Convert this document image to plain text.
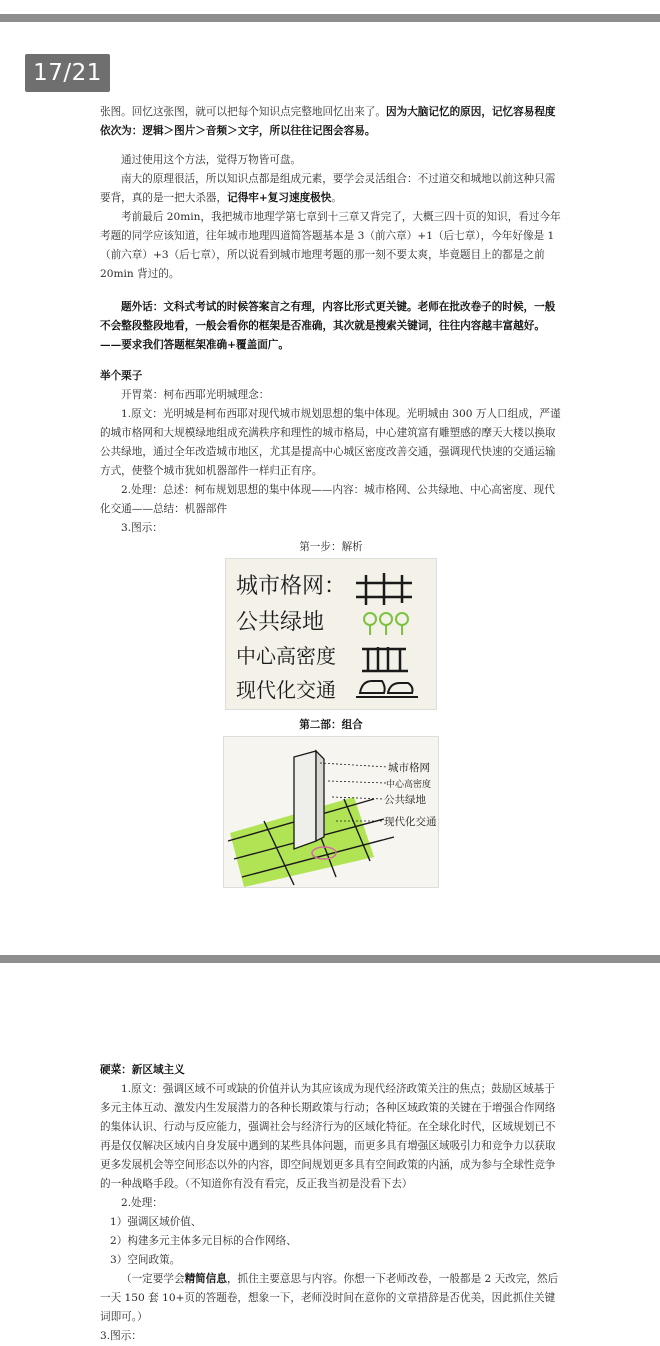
17/21

张图。回忆这张图，就可以把每个知识点完整地回忆出来了。因为大脑记忆的原因，记忆容易程度依次为：逻辑＞图片＞音频＞文字，所以往往记图会容易。

通过使用这个方法，觉得万物皆可盘。

南大的原理很活，所以知识点都是组成元素，要学会灵活组合：不过道交和城地以前这种只需要背，真的是一把大杀器，记得牢+复习速度极快。

考前最后 20min，我把城市地理学第七章到十三章又背完了，大概三四十页的知识，看过今年考题的同学应该知道，往年城市地理四道简答题基本是 3（前六章）+1（后七章），今年好像是 1（前六章）+3（后七章），所以说看到城市地理考题的那一刻不要太爽，毕竟题目上的都是之前 20min 背过的。

题外话：文科式考试的时候答案言之有理，内容比形式更关键。老师在批改卷子的时候，一般不会整段整段地看，一般会看你的框架是否准确，其次就是搜索关键词，往往内容越丰富越好。——要求我们答题框架准确+覆盖面广。

举个栗子

开胃菜：柯布西耶光明城理念：

1.原文：光明城是柯布西耶对现代城市规划思想的集中体现。光明城由 300 万人口组成，严谨的城市格网和大规模绿地组成充满秩序和理性的城市格局，中心建筑富有雕塑感的摩天大楼以换取公共绿地，通过全年改造城市地区，尤其是提高中心城区密度改善交通，强调现代快速的交通运输方式，使整个城市犹如机器部件一样归正有序。

2.处理：总述：柯布规划思想的集中体现——内容：城市格网、公共绿地、中心高密度、现代化交通——总结：机器部件

3.图示：

第一步：解析

城市格网：
公共绿地
中心高密度
现代化交通

第二部：组合

城市格网
中心高密度
公共绿地
现代化交通

硬菜：新区域主义

1.原文：强调区域不可或缺的价值并认为其应该成为现代经济政策关注的焦点；鼓励区域基于多元主体互动、激发内生发展潜力的各种长期政策与行动；各种区域政策的关键在于增强合作网络的集体认识、行动与反应能力，强调社会与经济行为的区域化特征。在全球化时代，区域规划已不再是仅仅解决区域内自身发展中遇到的某些具体问题，而更多具有增强区域吸引力和竞争力以获取更多发展机会等空间形态以外的内容，即空间规划更多具有空间政策的内涵，成为参与全球性竞争的一种战略手段。（不知道你有没有看完，反正我当初是没看下去）

2.处理：

1）强调区域价值、

2）构建多元主体多元目标的合作网络、

3）空间政策。

（一定要学会精简信息，抓住主要意思与内容。你想一下老师改卷，一般都是 2 天改完，然后一天 150 套 10+页的答题卷，想象一下，老师没时间在意你的文章措辞是否优美，因此抓住关键词即可。）

3.图示：
